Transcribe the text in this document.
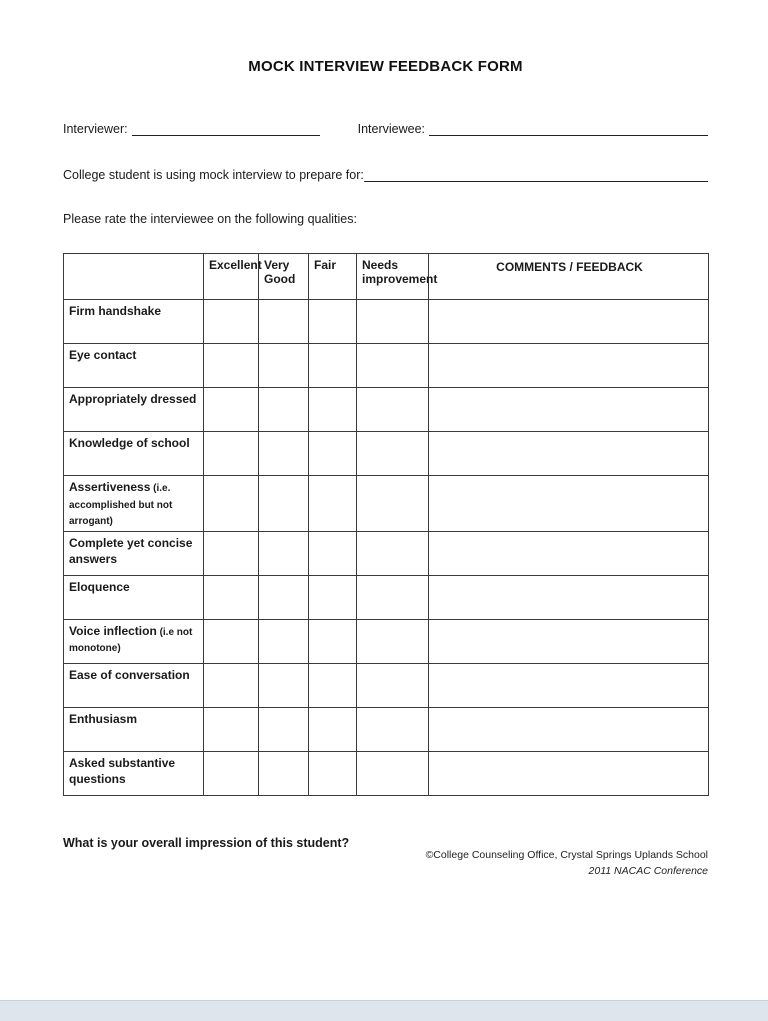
MOCK INTERVIEW FEEDBACK FORM
Interviewer:	Interviewee:
College student is using mock interview to prepare for:
Please rate the interviewee on the following qualities:
	Excellent	Very Good	Fair	Needs improvement	COMMENTS / FEEDBACK
Firm handshake					
Eye contact					
Appropriately dressed					
Knowledge of school					
Assertiveness (i.e. accomplished but not arrogant)					
Complete yet concise answers					
Eloquence					
Voice inflection (i.e not monotone)					
Ease of conversation					
Enthusiasm					
Asked substantive questions					
What is your overall impression of this student?
©College Counseling Office, Crystal Springs Uplands School
2011 NACAC Conference
